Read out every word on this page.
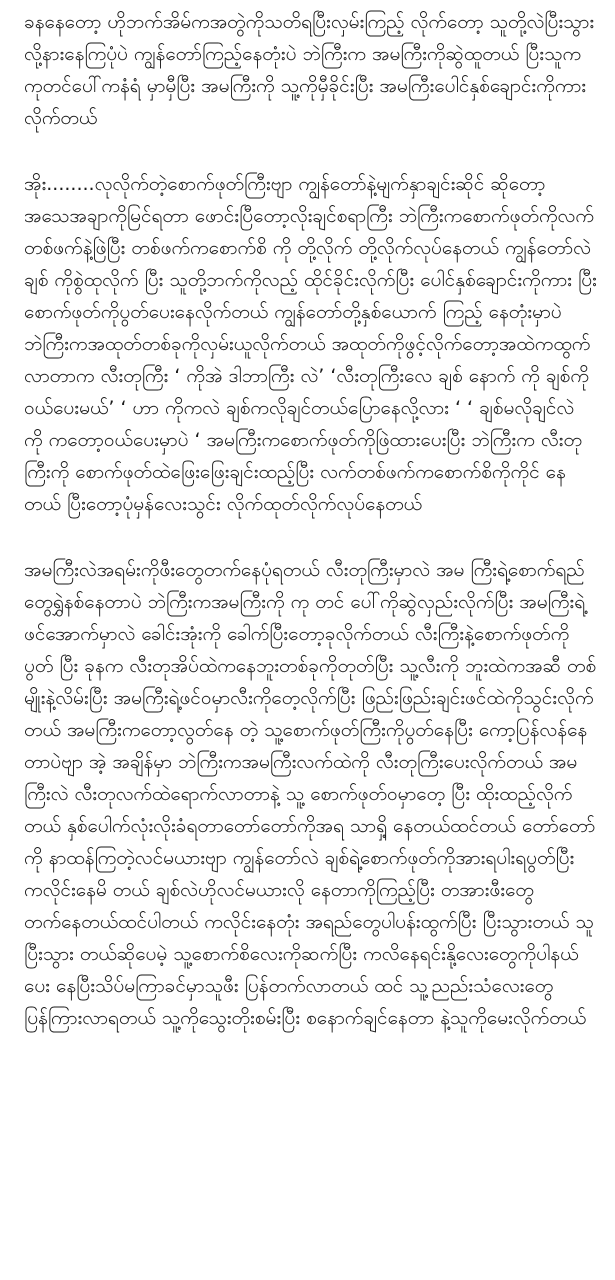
ခနနေတော့ ဟိုဘက်အိမ်ကအတွဲကိုသတိရပြီးလှမ်းကြည့် လိုက်တော့ သူတို့လဲပြီးသွားလို့နားနေကြပုံပဲ ကျွန်တော်ကြည့်နေတုံးပဲ ဘဲကြီးက အမကြီးကိုဆွဲထူတယ် ပြီးသူကကုတင်ပေါ်ကနံရံ မှာမှီပြီး အမကြီးကို သူ့ကိုမှီခိုင်းပြီး အမကြီးပေါင်နှစ်ချောင်းကိုကားလိုက်တယ်

အိုး........လုလိုက်တဲ့စောက်ဖုတ်ကြီးဗျာ ကျွန်တော်နဲ့မျက်နှာချင်းဆိုင် ဆိုတော့ အသေအချာကိုမြင်ရတာ ဖောင်းပြီတော့လိုးချင်စရာကြီး ဘဲကြီးကစောက်ဖုတ်ကိုလက် တစ်ဖက်နဲ့ဖြဲပြီး တစ်ဖက်ကစောက်စိ ကို တို့လိုက် တို့လိုက်လုပ်နေတယ် ကျွန်တော်လဲ ချစ် ကိုစွဲထုလိုက် ပြီး သူတို့ဘက်ကိုလည့် ထိုင်ခိုင်းလိုက်ပြီး ပေါင်နှစ်ချောင်းကိုကား ပြီး စောက်ဖုတ်ကိုပွတ်ပေးနေလိုက်တယ် ကျွန်တော်တို့နှစ်ယောက် ကြည့် နေတုံးမှာပဲ ဘဲကြီးကအထုတ်တစ်ခုကိုလှမ်းယူလိုက်တယ် အထုတ်ကိုဖွင့်လိုက်တော့အထဲကထွက်လာတာက လီးတုကြီး ‘ ကိုအဲ ဒါဘာကြီး လဲ’ ‘လီးတုကြီးလေ ချစ် နောက် ကို ချစ်ကိုဝယ်ပေးမယ်’ ‘ ဟာ ကိုကလဲ ချစ်ကလိုချင်တယ်ပြောနေလို့လား ‘ ‘ ချစ်မလိုချင်လဲ ကို ကတော့ဝယ်ပေးမှာပဲ ‘ အမကြီးကစောက်ဖုတ်ကိုဖြဲထားပေးပြီး ဘဲကြီးက လီးတုကြီးကို စောက်ဖုတ်ထဲဖြေးဖြေးချင်းထည့်ပြီး လက်တစ်ဖက်ကစောက်စိကိုကိုင် နေတယ် ပြီးတော့ပုံမှန်လေးသွင်း လိုက်ထုတ်လိုက်လုပ်နေတယ်

အမကြီးလဲအရမ်းကိုဖီးတွေတက်နေပုံရတယ် လီးတုကြီးမှာလဲ အမ ကြီးရဲ့စောက်ရည်တွေရွှဲနစ်နေတာပဲ ဘဲကြီးကအမကြီးကို ကု တင် ပေါ်ကိုဆွဲလှည်းလိုက်ပြီး အမကြီးရဲ့ဖင်အောက်မှာလဲ ခေါင်းအုံးကို ခေါက်ပြီးတော့ခုလိုက်တယ် လီးကြီးနဲ့စောက်ဖုတ်ကိုပွတ် ပြီး ခုနက လီးတုအိပ်ထဲကနေဘူးတစ်ခုကိုတုတ်ပြီး သူ့လီးကို ဘူးထဲကအဆီ တစ်မျိုးနဲ့လိမ်းပြီး အမကြီးရဲ့ဖင်ဝမှာလီးကိုတေ့လိုက်ပြီး ဖြည်းဖြည်းချင်းဖင်ထဲကိုသွင်းလိုက်တယ် အမကြီးကတော့လွတ်နေ တဲ့ သူ့စောက်ဖုတ်ကြီးကိုပွတ်နေပြီး ကော့ပြန်လန်နေ တာပဲဗျာ အဲ့ အချိန်မှာ ဘဲကြီးကအမကြီးလက်ထဲကို လီးတုကြီးပေးလိုက်တယ် အမကြီးလဲ လီးတုလက်ထဲရောက်လာတာနဲ့ သူ့ စောက်ဖုတ်ဝမှာတေ့ ပြီး ထိုးထည့်လိုက်တယ် နှစ်ပေါက်လုံးလိုးခံရတာတော်တော်ကိုအရ သာရှိ့ နေတယ်ထင်တယ် တော်တော်ကို နာထန်ကြတဲ့လင်မယားဗျာ ကျွန်တော်လဲ ချစ်ရဲ့စောက်ဖုတ်ကိုအားရပါးရပွတ်ပြီး ကလိုင်းနေမိ တယ် ချစ်လဲဟိုလင်မယားလို နေတာကိုကြည့်ပြီး တအားဖီးတွေ တက်နေတယ်ထင်ပါတယ် ကလိုင်းနေတုံး အရည်တွေပါပန်းထွက်ပြီး ပြီးသွားတယ် သူပြီးသွား တယ်ဆိုပေမဲ့ သူ့စောက်စိလေးကိုဆက်ပြီး ကလိနေရင်းနို့လေးတွေကိုပါနယ်ပေး နေပြီးသိပ်မကြာခင်မှာသူဖီး ပြန်တက်လာတယ် ထင် သူ့ညည်းသံလေးတွေပြန်ကြားလာရတယ် သူ့ကိုသွေးတိုးစမ်းပြီး စနောက်ချင်နေတာ နဲ့သူကိုမေးလိုက်တယ်
